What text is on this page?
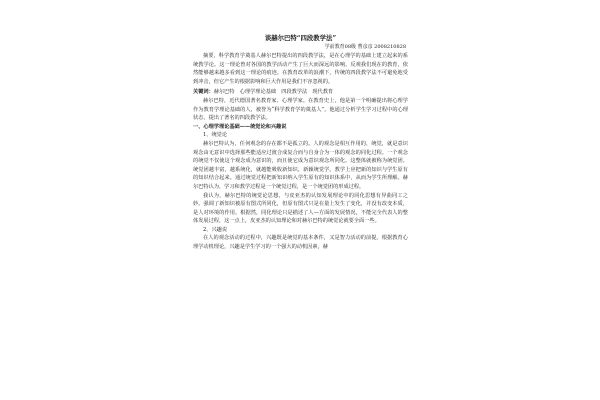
谈赫尔巴特“四段教学法”

学前教育08级 曹彦彦 2008210828

摘要，科学教育学奠基人赫尔巴特提出的四段教学法，是在心理学的基础上建立起来的系统教学论。这一理论曾对各国的教学活动产生了巨大而深远的影响。反观我们现在的教育，依然能够越来越多看到这一理论的痕迹。在教育改革的浪潮下，传统的四段教学法不可避免地受到冲击，但它产生的根据影响和巨大作用是我们不容忽视的。

关键词：赫尔巴特　心理学理论基础　四段教学法　现代教育

赫尔巴特，近代德国著名教育家、心理学家。在教育史上，他是第一个明确提出将心理学作为教育学理论基础的人，被誉为“科学教育学的奠基人”。他通过分析学生学习过程中的心理状态，提出了著名的四段教学法。

一、心理学理论基础——统觉论和兴趣说

1、统觉论

赫尔巴特认为，任何观念的存在都不是孤立的。人的观念是相互作用的，统觉，就是意识观念由无意识中选择那些能适应过渡合成复合而与自身合为一体的观念的同化过程。一个观念的统觉不仅使这个观念成为意识的，而且使它成为意识观念所同化。这整体就被称为统觉团。统觉团越丰富，越系统化，就越能吸收新知识，新颖统觉学。教学上应把新的知识与学生原有的知识结合起来。通过统觉过程把新知识纳入学生原有的知识体系中，从而为学生所理解。赫尔巴特认为，学习和教学过程是一个统觉过程，是一个统觉团的形成过程。

我认为，赫尔巴特的统觉论思想，与皮亚杰的认知发展理论中的同化思想有异曲同工之妙。强调了新知识被原有图式所同化，但原有图式只是在量上发生了变化，并没有改变本质，是人对环境的作用。根据然，同化理论只是描述了人—方面的发展情况，不能完全代表人的整体发展过程，这一点上，皮亚杰的认知理论和对赫尔巴特的统觉论就要全面一些。

2、兴趣说

在人的观念活动的过程中，兴趣既是统觉的基本条件，又是智力活动的前提。根据教育心理学动机理论，兴趣是学生学习的一个强大的动机因素，赫
